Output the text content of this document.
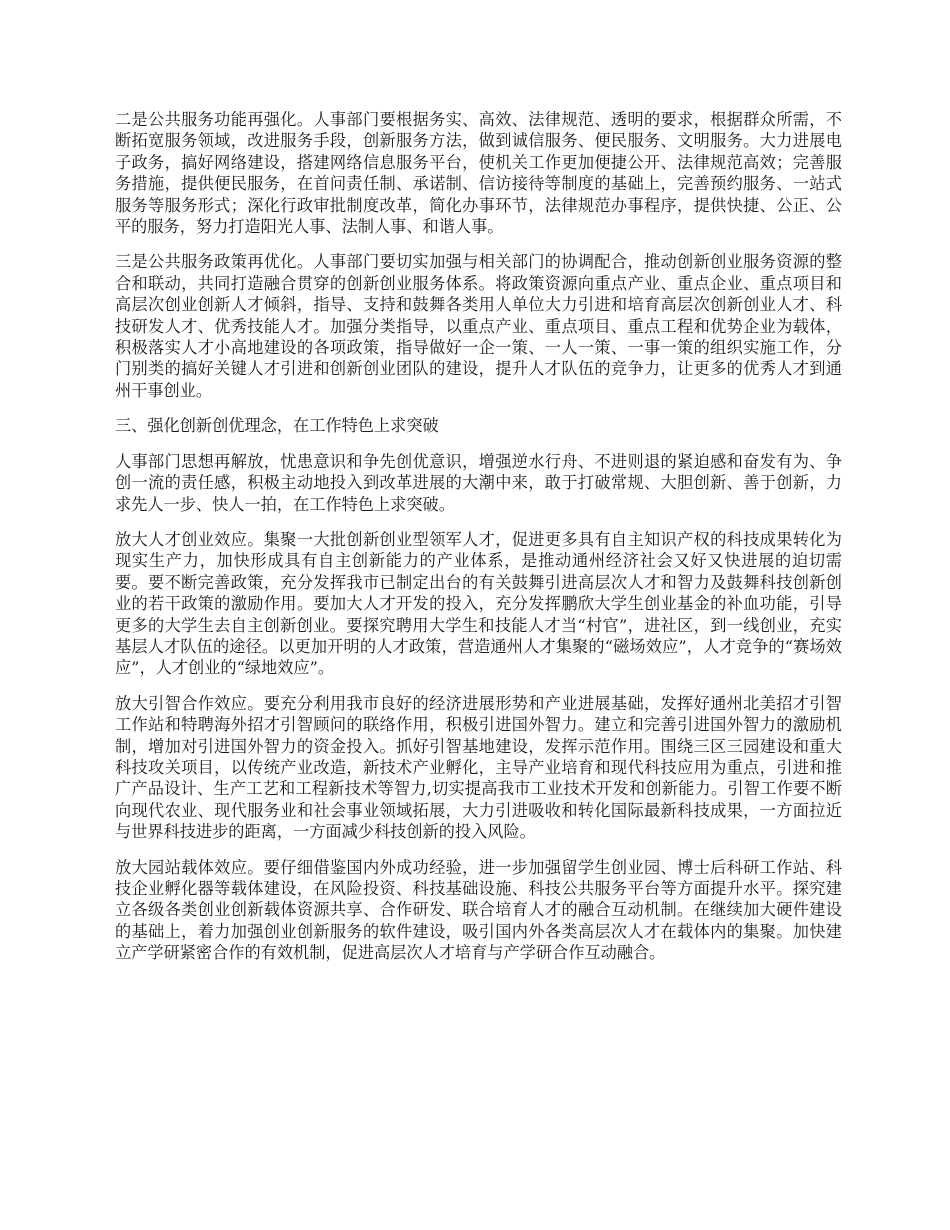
二是公共服务功能再强化。人事部门要根据务实、高效、法律规范、透明的要求，根据群众所需，不断拓宽服务领域，改进服务手段，创新服务方法，做到诚信服务、便民服务、文明服务。大力进展电子政务，搞好网络建设，搭建网络信息服务平台，使机关工作更加便捷公开、法律规范高效；完善服务措施，提供便民服务，在首问责任制、承诺制、信访接待等制度的基础上，完善预约服务、一站式服务等服务形式；深化行政审批制度改革，简化办事环节，法律规范办事程序，提供快捷、公正、公平的服务，努力打造阳光人事、法制人事、和谐人事。

三是公共服务政策再优化。人事部门要切实加强与相关部门的协调配合，推动创新创业服务资源的整合和联动，共同打造融合贯穿的创新创业服务体系。将政策资源向重点产业、重点企业、重点项目和高层次创业创新人才倾斜，指导、支持和鼓舞各类用人单位大力引进和培育高层次创新创业人才、科技研发人才、优秀技能人才。加强分类指导，以重点产业、重点项目、重点工程和优势企业为载体，积极落实人才小高地建设的各项政策，指导做好一企一策、一人一策、一事一策的组织实施工作，分门别类的搞好关键人才引进和创新创业团队的建设，提升人才队伍的竞争力，让更多的优秀人才到通州干事创业。

三、强化创新创优理念，在工作特色上求突破

人事部门思想再解放，忧患意识和争先创优意识，增强逆水行舟、不进则退的紧迫感和奋发有为、争创一流的责任感，积极主动地投入到改革进展的大潮中来，敢于打破常规、大胆创新、善于创新，力求先人一步、快人一拍，在工作特色上求突破。

放大人才创业效应。集聚一大批创新创业型领军人才，促进更多具有自主知识产权的科技成果转化为现实生产力，加快形成具有自主创新能力的产业体系，是推动通州经济社会又好又快进展的迫切需要。要不断完善政策，充分发挥我市已制定出台的有关鼓舞引进高层次人才和智力及鼓舞科技创新创业的若干政策的激励作用。要加大人才开发的投入，充分发挥鹏欣大学生创业基金的补血功能，引导更多的大学生去自主创新创业。要探究聘用大学生和技能人才当“村官”，进社区，到一线创业，充实基层人才队伍的途径。以更加开明的人才政策，营造通州人才集聚的“磁场效应”，人才竞争的“赛场效应”，人才创业的“绿地效应”。

放大引智合作效应。要充分利用我市良好的经济进展形势和产业进展基础，发挥好通州北美招才引智工作站和特聘海外招才引智顾问的联络作用，积极引进国外智力。建立和完善引进国外智力的激励机制，增加对引进国外智力的资金投入。抓好引智基地建设，发挥示范作用。围绕三区三园建设和重大科技攻关项目，以传统产业改造，新技术产业孵化，主导产业培育和现代科技应用为重点，引进和推广产品设计、生产工艺和工程新技术等智力,切实提高我市工业技术开发和创新能力。引智工作要不断向现代农业、现代服务业和社会事业领域拓展，大力引进吸收和转化国际最新科技成果，一方面拉近与世界科技进步的距离，一方面减少科技创新的投入风险。

放大园站载体效应。要仔细借鉴国内外成功经验，进一步加强留学生创业园、博士后科研工作站、科技企业孵化器等载体建设，在风险投资、科技基础设施、科技公共服务平台等方面提升水平。探究建立各级各类创业创新载体资源共享、合作研发、联合培育人才的融合互动机制。在继续加大硬件建设的基础上，着力加强创业创新服务的软件建设，吸引国内外各类高层次人才在载体内的集聚。加快建立产学研紧密合作的有效机制，促进高层次人才培育与产学研合作互动融合。
